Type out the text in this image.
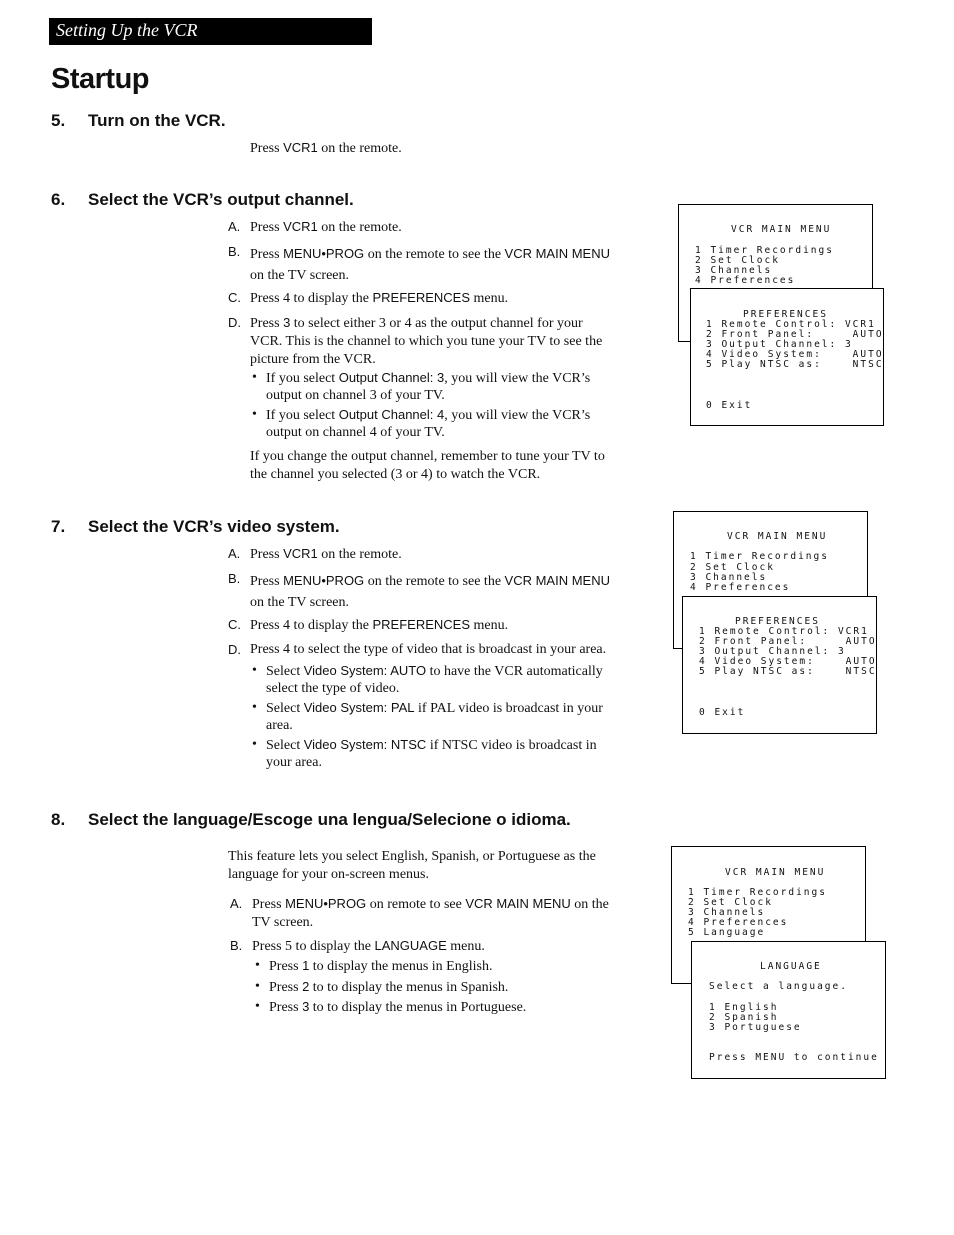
Setting Up the VCR
Startup
5. Turn on the VCR.
Press VCR1 on the remote.
6. Select the VCR’s output channel.
A. Press VCR1 on the remote.
B. Press MENU•PROG on the remote to see the VCR MAIN MENU
on the TV screen.
C. Press 4 to display the PREFERENCES menu.
D. Press 3 to select either 3 or 4 as the output channel for your
VCR. This is the channel to which you tune your TV to see the
picture from the VCR.
• If you select Output Channel: 3, you will view the VCR’s
output on channel 3 of your TV.
• If you select Output Channel: 4, you will view the VCR’s
output on channel 4 of your TV.
If you change the output channel, remember to tune your TV to
the channel you selected (3 or 4) to watch the VCR.
7. Select the VCR’s video system.
A. Press VCR1 on the remote.
B. Press MENU•PROG on the remote to see the VCR MAIN MENU
on the TV screen.
C. Press 4 to display the PREFERENCES menu.
D. Press 4 to select the type of video that is broadcast in your area.
• Select Video System: AUTO to have the VCR automatically
select the type of video.
• Select Video System: PAL if PAL video is broadcast in your
area.
• Select Video System: NTSC if NTSC video is broadcast in
your area.
8. Select the language/Escoge una lengua/Selecione o idioma.
This feature lets you select English, Spanish, or Portuguese as the
language for your on-screen menus.
A. Press MENU•PROG on remote to see VCR MAIN MENU on the
TV screen.
B. Press 5 to display the LANGUAGE menu.
• Press 1 to display the menus in English.
• Press 2 to to display the menus in Spanish.
• Press 3 to to display the menus in Portuguese.

VCR MAIN MENU

1 Timer Recordings

2 Set Clock

3 Channels

4 Preferences

PREFERENCES

1 Remote Control: VCR1

2 Front Panel:     AUTO

3 Output Channel: 3

4 Video System:    AUTO

5 Play NTSC as:    NTSC

0 Exit

VCR MAIN MENU

1 Timer Recordings

2 Set Clock

3 Channels

4 Preferences

PREFERENCES

1 Remote Control: VCR1

2 Front Panel:     AUTO

3 Output Channel: 3

4 Video System:    AUTO

5 Play NTSC as:    NTSC

0 Exit

VCR MAIN MENU

1 Timer Recordings

2 Set Clock

3 Channels

4 Preferences

5 Language

LANGUAGE

Select a language.

1 English

2 Spanish

3 Portuguese

Press MENU to continue
